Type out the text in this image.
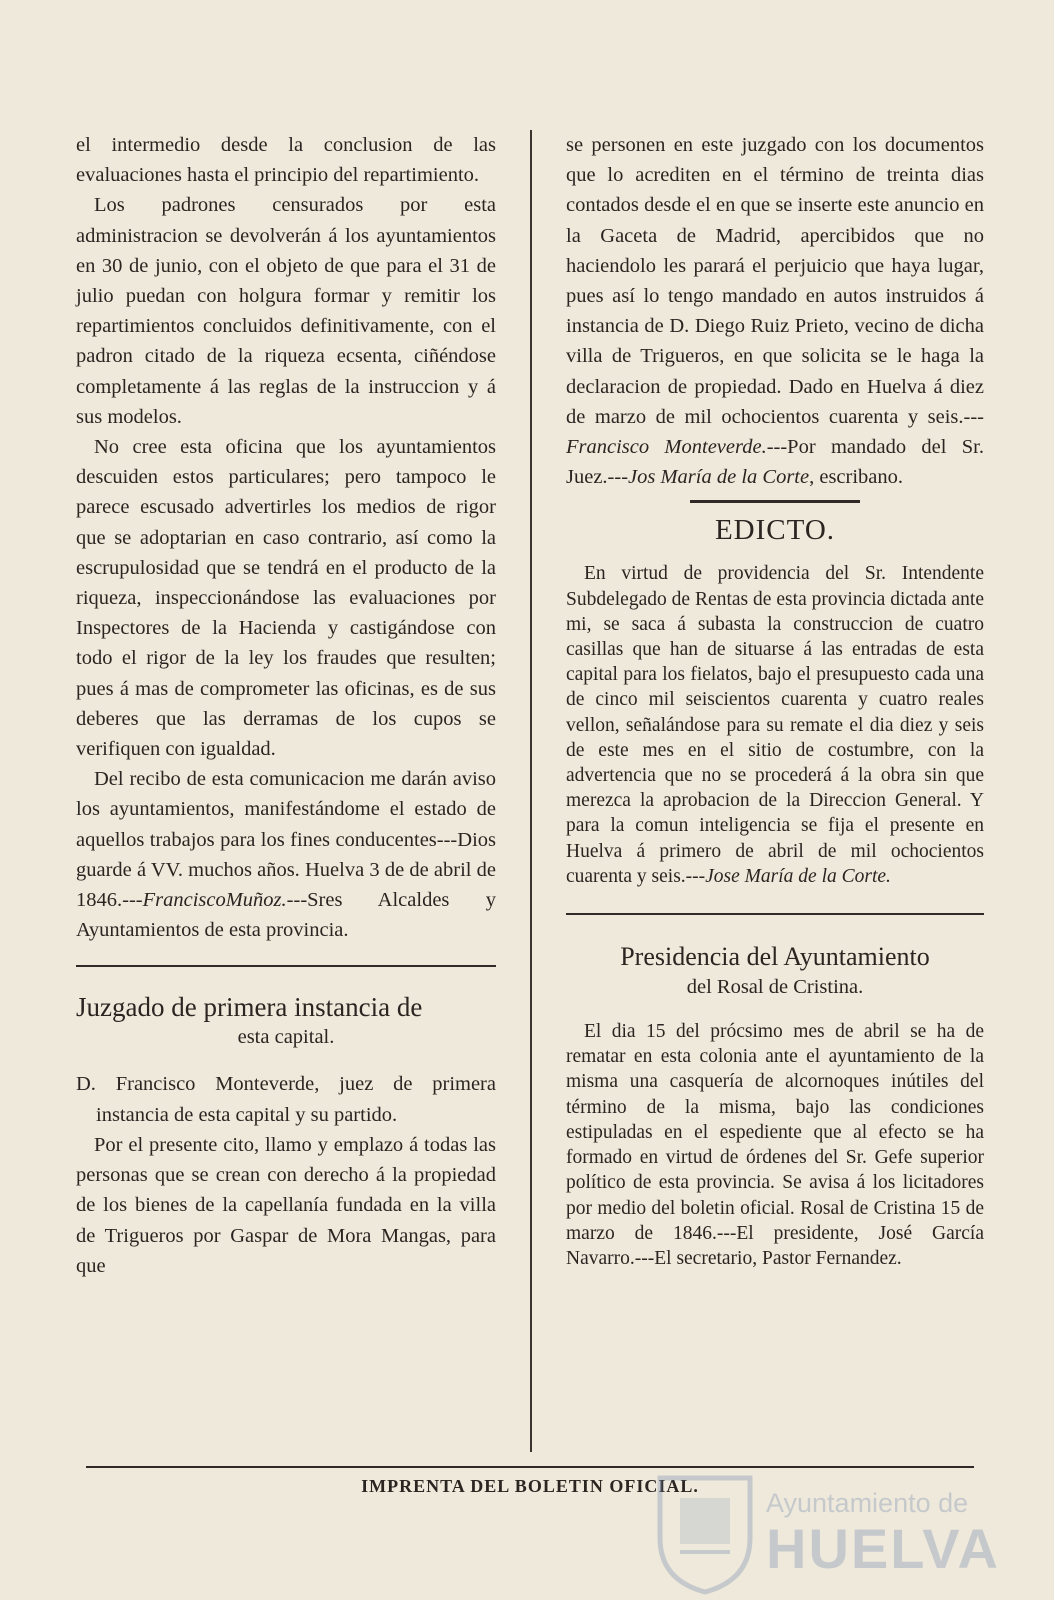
el intermedio desde la conclusion de las evaluaciones hasta el principio del repartimiento.

Los padrones censurados por esta administracion se devolverán á los ayuntamientos en 30 de junio, con el objeto de que para el 31 de julio puedan con holgura formar y remitir los repartimientos concluidos definitivamente, con el padron citado de la riqueza ecsenta, ciñéndose completamente á las reglas de la instruccion y á sus modelos.

No cree esta oficina que los ayuntamientos descuiden estos particulares; pero tampoco le parece escusado advertirles los medios de rigor que se adoptarian en caso contrario, así como la escrupulosidad que se tendrá en el producto de la riqueza, inspeccionándose las evaluaciones por Inspectores de la Hacienda y castigándose con todo el rigor de la ley los fraudes que resulten; pues á mas de comprometer las oficinas, es de sus deberes que las derramas de los cupos se verifiquen con igualdad.

Del recibo de esta comunicacion me darán aviso los ayuntamientos, manifestándome el estado de aquellos trabajos para los fines conducentes---Dios guarde á VV. muchos años. Huelva 3 de de abril de 1846.---FranciscoMuñoz.---Sres Alcaldes y Ayuntamientos de esta provincia.

Juzgado de primera instancia de
esta capital.

D. Francisco Monteverde, juez de primera instancia de esta capital y su partido.

Por el presente cito, llamo y emplazo á todas las personas que se crean con derecho á la propiedad de los bienes de la capellanía fundada en la villa de Trigueros por Gaspar de Mora Mangas, para que

se personen en este juzgado con los documentos que lo acrediten en el término de treinta dias contados desde el en que se inserte este anuncio en la Gaceta de Madrid, apercibidos que no haciendolo les parará el perjuicio que haya lugar, pues así lo tengo mandado en autos instruidos á instancia de D. Diego Ruiz Prieto, vecino de dicha villa de Trigueros, en que solicita se le haga la declaracion de propiedad. Dado en Huelva á diez de marzo de mil ochocientos cuarenta y seis.---Francisco Monteverde.---Por mandado del Sr. Juez.---Jos María de la Corte, escribano.

EDICTO.

En virtud de providencia del Sr. Intendente Subdelegado de Rentas de esta provincia dictada ante mi, se saca á subasta la construccion de cuatro casillas que han de situarse á las entradas de esta capital para los fielatos, bajo el presupuesto cada una de cinco mil seiscientos cuarenta y cuatro reales vellon, señalándose para su remate el dia diez y seis de este mes en el sitio de costumbre, con la advertencia que no se procederá á la obra sin que merezca la aprobacion de la Direccion General. Y para la comun inteligencia se fija el presente en Huelva á primero de abril de mil ochocientos cuarenta y seis.---Jose María de la Corte.

Presidencia del Ayuntamiento
del Rosal de Cristina.

El dia 15 del prócsimo mes de abril se ha de rematar en esta colonia ante el ayuntamiento de la misma una casquería de alcornoques inútiles del término de la misma, bajo las condiciones estipuladas en el espediente que al efecto se ha formado en virtud de órdenes del Sr. Gefe superior político de esta provincia. Se avisa á los licitadores por medio del boletin oficial. Rosal de Cristina 15 de marzo de 1846.---El presidente, José García Navarro.---El secretario, Pastor Fernandez.

IMPRENTA DEL BOLETIN OFICIAL.
Ayuntamiento de
HUELVA
